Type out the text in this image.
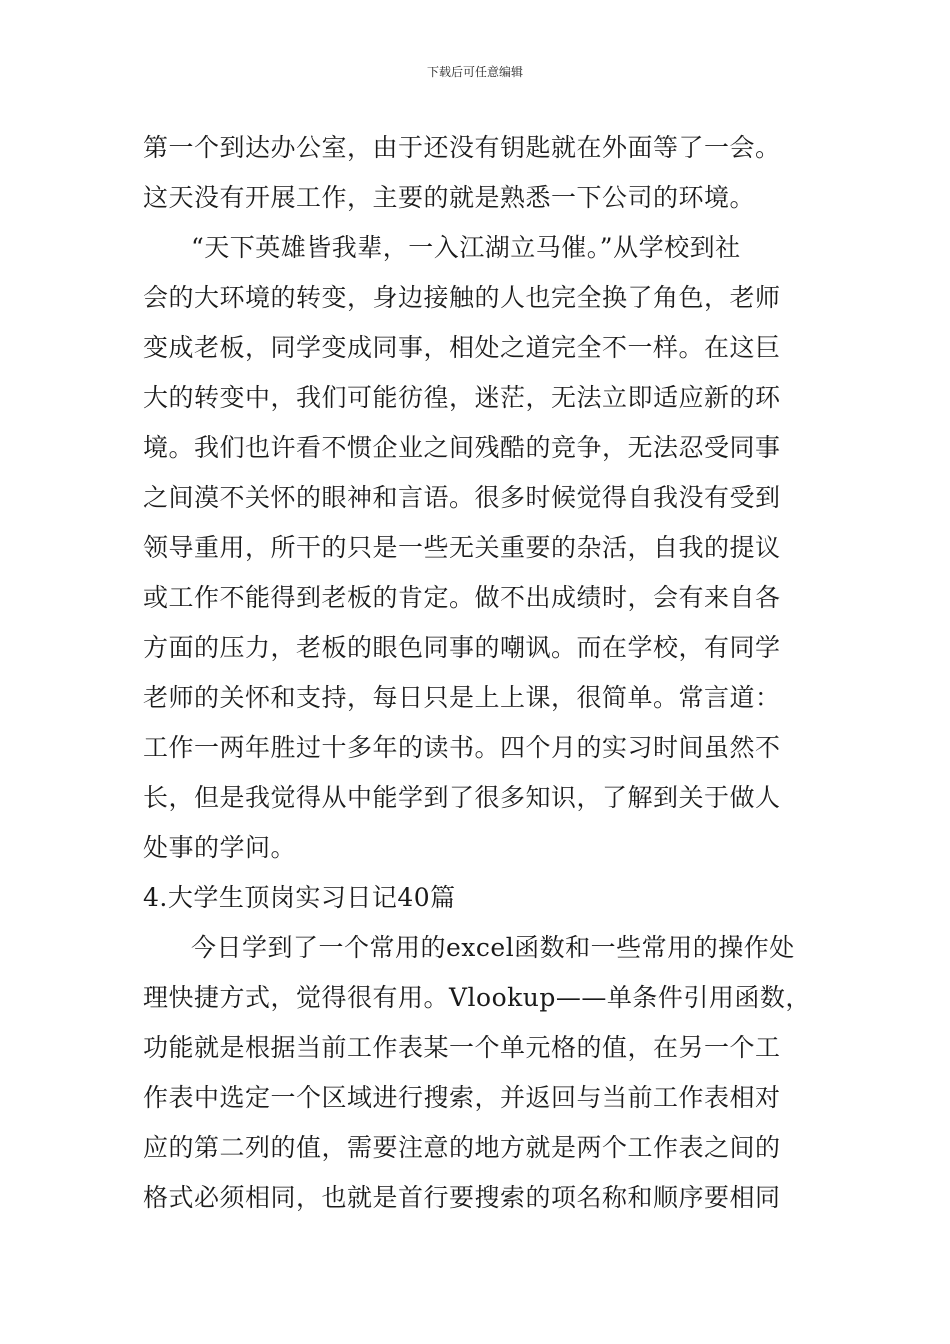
下载后可任意编辑
第一个到达办公室，由于还没有钥匙就在外面等了一会。
这天没有开展工作，主要的就是熟悉一下公司的环境。
“天下英雄皆我辈，一入江湖立马催。”从学校到社
会的大环境的转变，身边接触的人也完全换了角色，老师
变成老板，同学变成同事，相处之道完全不一样。在这巨
大的转变中，我们可能彷徨，迷茫，无法立即适应新的环
境。我们也许看不惯企业之间残酷的竞争，无法忍受同事
之间漠不关怀的眼神和言语。很多时候觉得自我没有受到
领导重用，所干的只是一些无关重要的杂活，自我的提议
或工作不能得到老板的肯定。做不出成绩时，会有来自各
方面的压力，老板的眼色同事的嘲讽。而在学校，有同学
老师的关怀和支持，每日只是上上课，很简单。常言道：
工作一两年胜过十多年的读书。四个月的实习时间虽然不
长，但是我觉得从中能学到了很多知识，了解到关于做人
处事的学问。
4.大学生顶岗实习日记40篇
今日学到了一个常用的excel函数和一些常用的操作处
理快捷方式，觉得很有用。Vlookup——单条件引用函数，
功能就是根据当前工作表某一个单元格的值，在另一个工
作表中选定一个区域进行搜索，并返回与当前工作表相对
应的第二列的值，需要注意的地方就是两个工作表之间的
格式必须相同，也就是首行要搜索的项名称和顺序要相同
